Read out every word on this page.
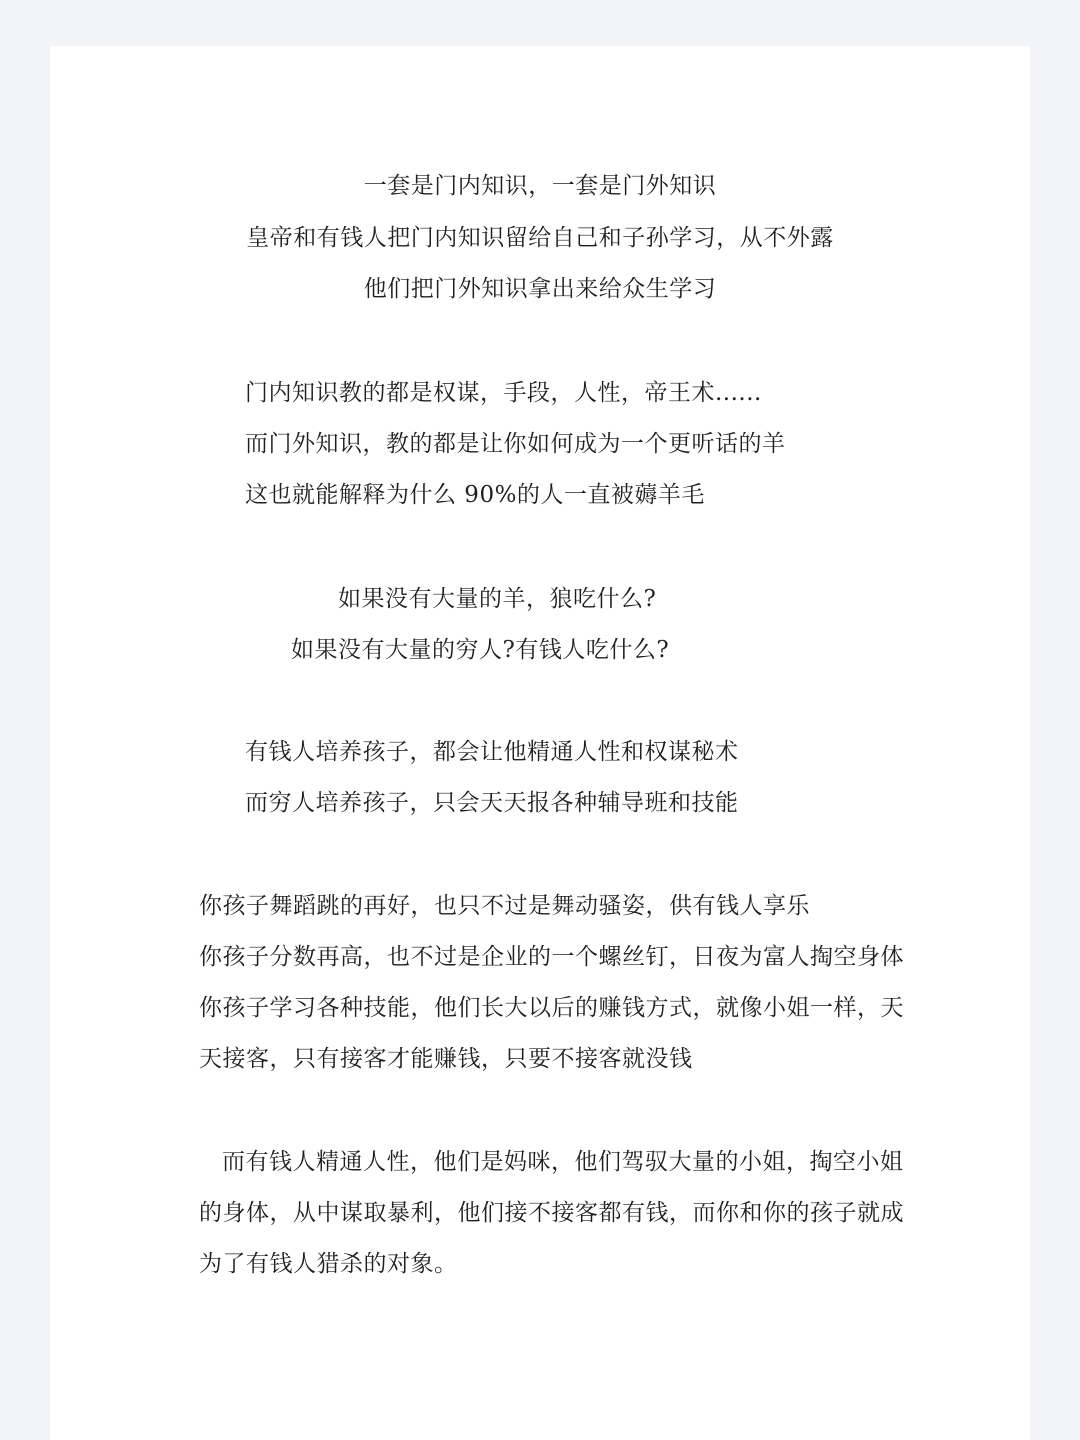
一套是门内知识，一套是门外知识
皇帝和有钱人把门内知识留给自己和子孙学习，从不外露
他们把门外知识拿出来给众生学习
门内知识教的都是权谋，手段，人性，帝王术......
而门外知识，教的都是让你如何成为一个更听话的羊
这也就能解释为什么 90%的人一直被薅羊毛
如果没有大量的羊，狼吃什么?
如果没有大量的穷人?有钱人吃什么?
有钱人培养孩子，都会让他精通人性和权谋秘术
而穷人培养孩子，只会天天报各种辅导班和技能
你孩子舞蹈跳的再好，也只不过是舞动骚姿，供有钱人享乐
你孩子分数再高，也不过是企业的一个螺丝钉，日夜为富人掏空身体
你孩子学习各种技能，他们长大以后的赚钱方式，就像小姐一样，天
天接客，只有接客才能赚钱，只要不接客就没钱
而有钱人精通人性，他们是妈咪，他们驾驭大量的小姐，掏空小姐
的身体，从中谋取暴利，他们接不接客都有钱，而你和你的孩子就成
为了有钱人猎杀的对象。
